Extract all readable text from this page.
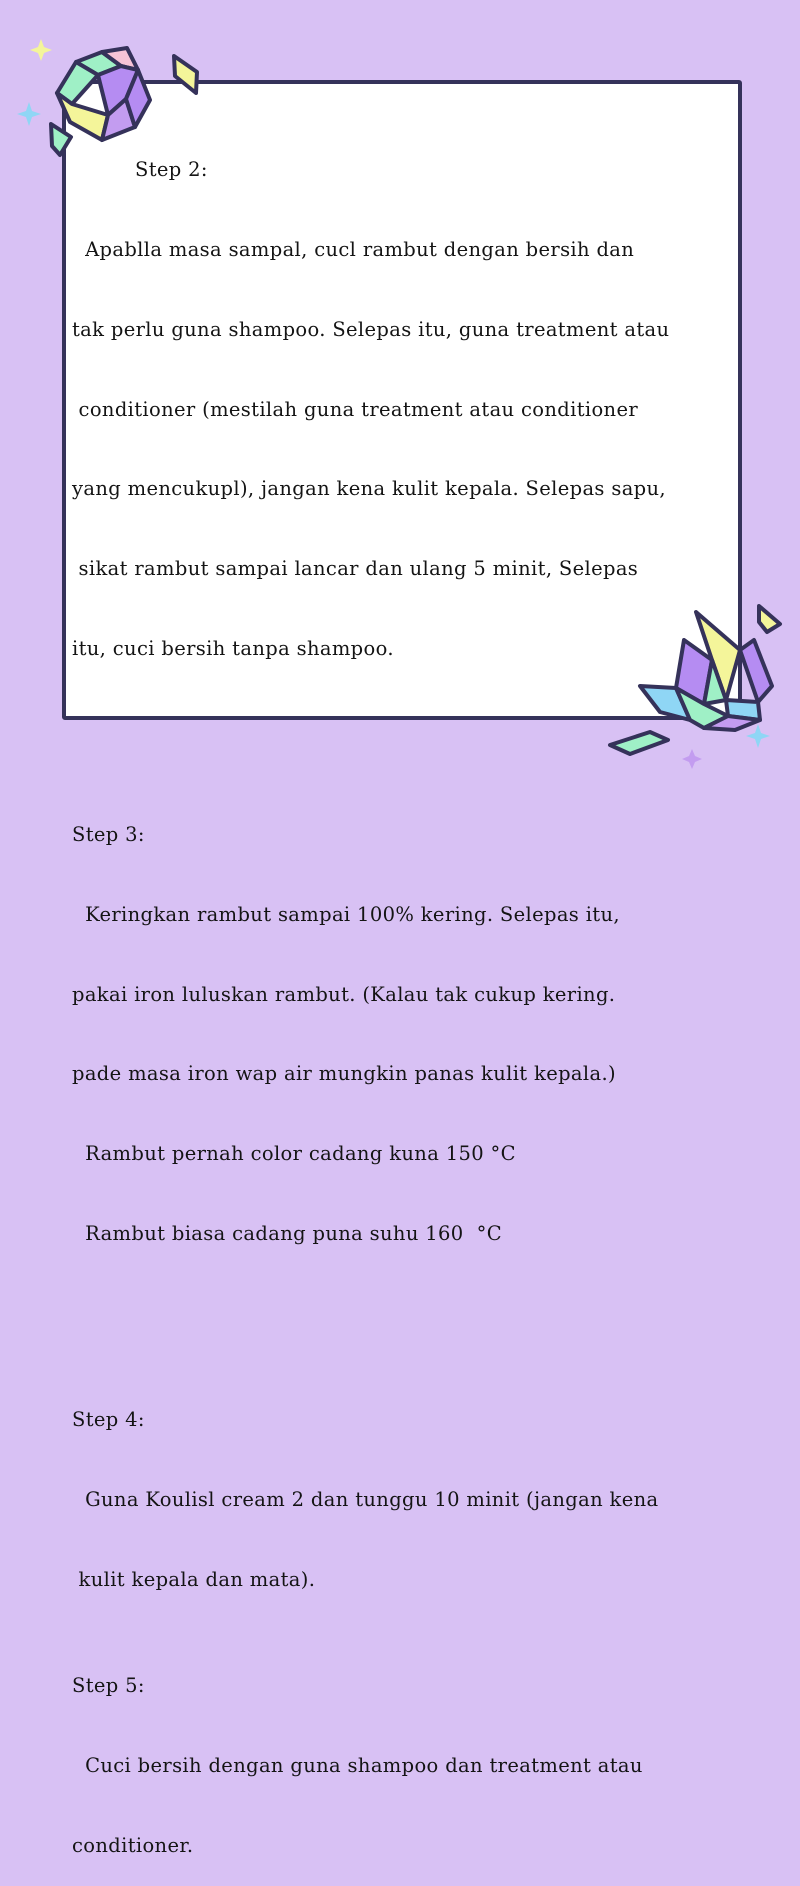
Step 2:

Apablla masa sampal, cucl rambut dengan bersih dan

tak perlu guna shampoo. Selepas itu, guna treatment atau

conditioner (mestilah guna treatment atau conditioner

yang mencukupl), jangan kena kulit kepala. Selepas sapu,

sikat rambut sampai lancar dan ulang 5 minit, Selepas

itu, cuci bersih tanpa shampoo.

Step 3:

Keringkan rambut sampai 100% kering. Selepas itu,

pakai iron luluskan rambut. (Kalau tak cukup kering.

pade masa iron wap air mungkin panas kulit kepala.)

Rambut pernah color cadang kuna 150 °C

Rambut biasa cadang puna suhu 160  °C

Step 4:

Guna Koulisl cream 2 dan tunggu 10 minit (jangan kena

kulit kepala dan mata).

Step 5:

Cuci bersih dengan guna shampoo dan treatment atau

conditioner.
